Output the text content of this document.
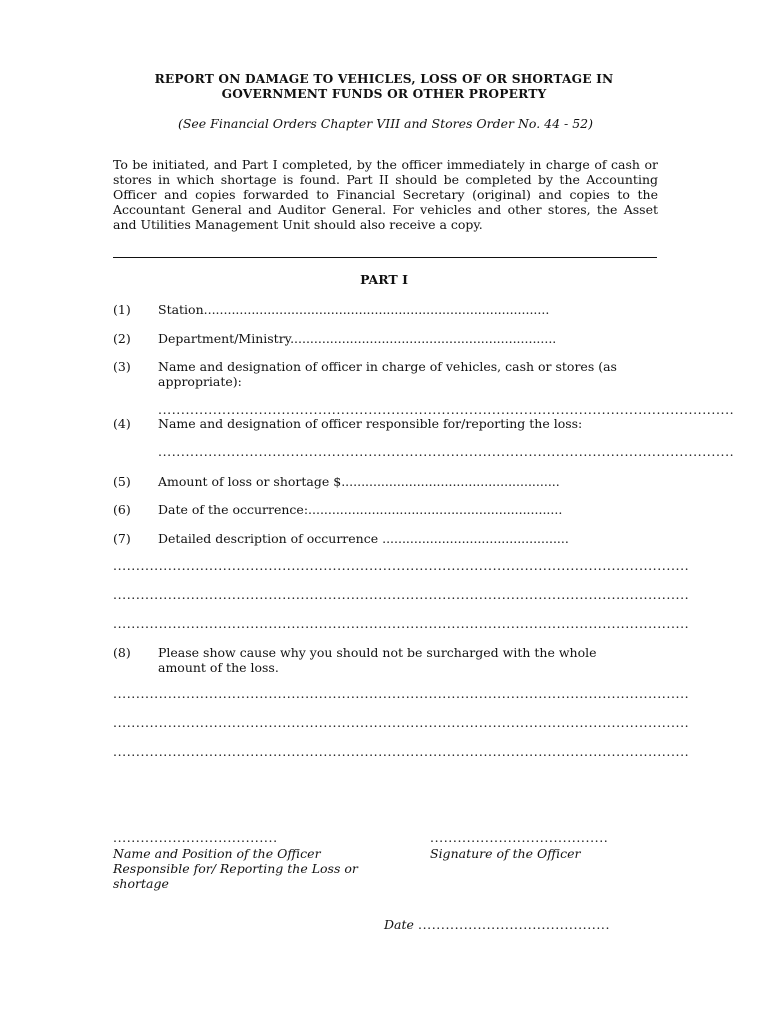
REPORT ON DAMAGE TO VEHICLES, LOSS OF OR SHORTAGE IN
GOVERNMENT FUNDS OR OTHER PROPERTY
(See Financial Orders Chapter VIII and Stores Order No. 44 - 52)
To be initiated, and Part I completed, by the officer immediately in charge of cash or stores in which shortage is found. Part II should be completed by the Accounting Officer and copies forwarded to Financial Secretary (original) and copies to the Accountant General and Auditor General. For vehicles and other stores, the Asset and Utilities Management Unit should also receive a copy.
PART I
(1)	Station.......................................................................................
(2)	Department/Ministry...................................................................
(3)	Name and designation of officer in charge of vehicles, cash or stores (as appropriate):
..............................................................................................................................
(4)	Name and designation of officer responsible for/reporting the loss:
..............................................................................................................................
(5)	Amount of loss or shortage $.......................................................
(6)	Date of the occurrence:................................................................
(7)	Detailed description of occurrence ...............................................
..............................................................................................................................
..............................................................................................................................
..............................................................................................................................
(8)	Please show cause why you should not be surcharged with the whole amount of the loss.
..............................................................................................................................
..............................................................................................................................
..............................................................................................................................
....................................
Name and Position of the Officer Responsible for/ Reporting the Loss or shortage
.......................................
Signature of the Officer
Date ..........................................
